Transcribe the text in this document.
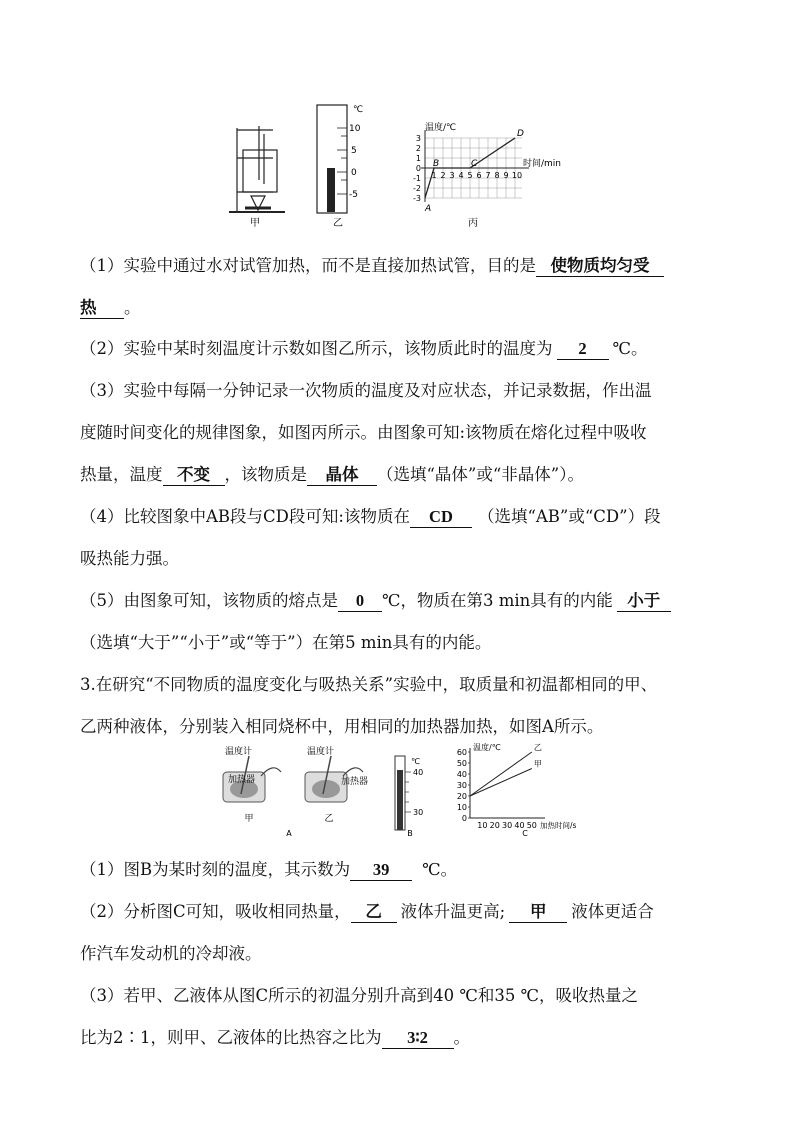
甲
℃
10
5
0
-5
乙
温度/℃
时间/min
3
2
1
0
-1
-2
-3
1 2 3 4 5 6 7 8 9 10
A
B	C
D
丙
（1）实验中通过水对试管加热，而不是直接加热试管，目的是 使物质均匀受
热 。
（2）实验中某时刻温度计示数如图乙所示，该物质此时的温度为 2 ℃。
（3）实验中每隔一分钟记录一次物质的温度及对应状态，并记录数据，作出温
度随时间变化的规律图象，如图丙所示。由图象可知:该物质在熔化过程中吸收
热量，温度 不变 ，该物质是 晶体 （选填“晶体”或“非晶体”）。
（4）比较图象中AB段与CD段可知:该物质在 CD （选填“AB”或“CD”）段
吸热能力强。
（5）由图象可知，该物质的熔点是 0 ℃，物质在第3 min具有的内能 小于
（选填“大于”“小于”或“等于”）在第5 min具有的内能。
3.在研究“不同物质的温度变化与吸热关系”实验中，取质量和初温都相同的甲、
乙两种液体，分别装入相同烧杯中，用相同的加热器加热，如图A所示。
温度计
加热器
甲
温度计
加热器
乙
A
℃
40
30
B
60
50
40
30
20
10
0
10 20 30 40 50
乙
甲
温度/℃
加热时间/s
C
（1）图B为某时刻的温度，其示数为 39 ℃。
（2）分析图C可知，吸收相同热量， 乙 液体升温更高; 甲 液体更适合
作汽车发动机的冷却液。
（3）若甲、乙液体从图C所示的初温分别升高到40 ℃和35 ℃，吸收热量之
比为2∶1，则甲、乙液体的比热容之比为 3∶2 。
